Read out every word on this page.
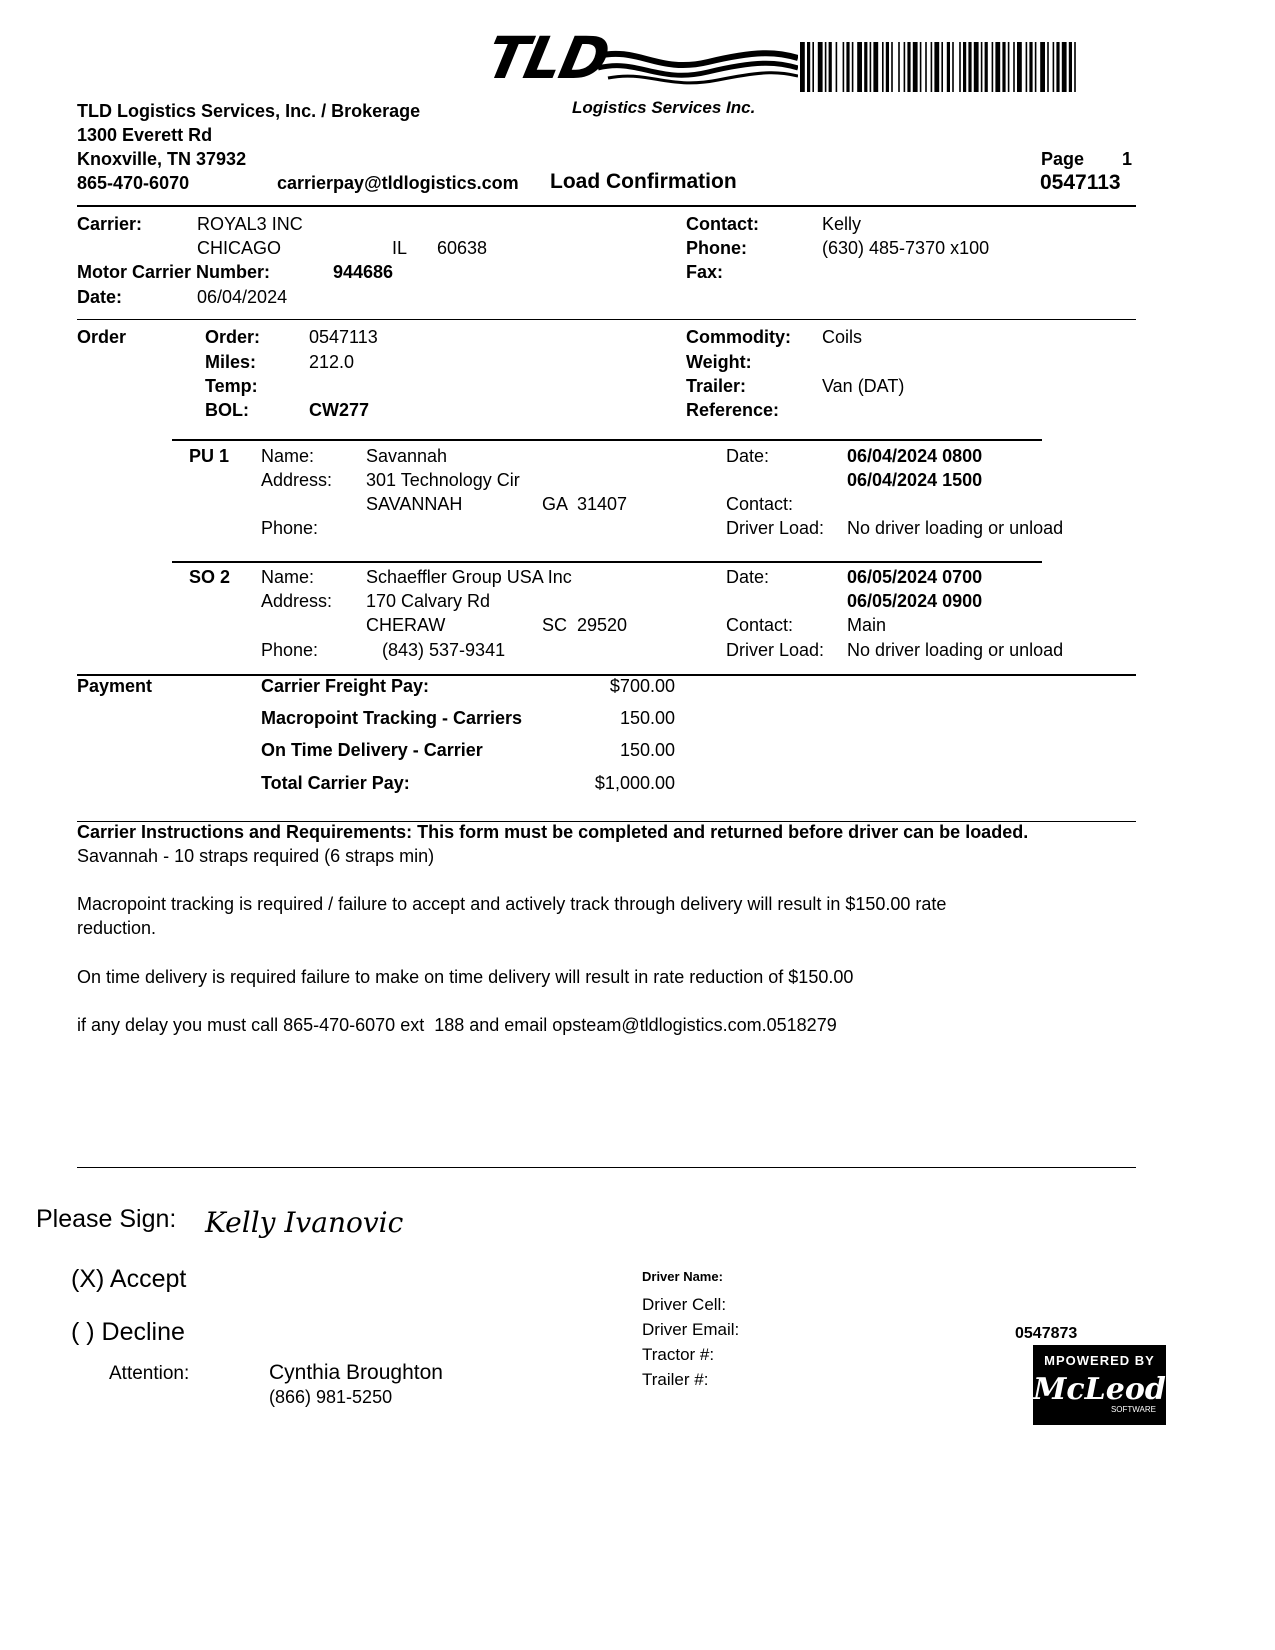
TLD
Logistics Services Inc.
TLD Logistics Services, Inc. / Brokerage
1300 Everett Rd
Knoxville, TN 37932
865-470-6070	carrierpay@tldlogistics.com Load Confirmation
Page 1
0547113
Carrier:	ROYAL3 INC
CHICAGO	IL 60638
Motor Carrier Number:	944686
Date:	06/04/2024
Contact:	Kelly
Phone:	(630) 485-7370 x100
Fax:
Order	Order:	0547113
Miles:	212.0
Temp:
BOL:	CW277
Commodity: Coils
Weight:
Trailer:	Van (DAT)
Reference:
PU 1 Name:	Savannah
Address: 301 Technology Cir
SAVANNAH	GA  31407
Phone:
Date:	06/04/2024 0800
06/04/2024 1500
Contact:
Driver Load: No driver loading or unload
SO 2 Name:	Schaeffler Group USA Inc
Address: 170 Calvary Rd
CHERAW	SC  29520
Phone:	(843) 537-9341
Date:	06/05/2024 0700
06/05/2024 0900
Contact:	Main
Driver Load: No driver loading or unload
Payment	Carrier Freight Pay:	$700.00
Macropoint Tracking - Carriers	150.00
On Time Delivery - Carrier	150.00
Total Carrier Pay:	$1,000.00
Carrier Instructions and Requirements: This form must be completed and returned before driver can be loaded.
Savannah - 10 straps required (6 straps min)
Macropoint tracking is required / failure to accept and actively track through delivery will result in $150.00 rate
reduction.
On time delivery is required failure to make on time delivery will result in rate reduction of $150.00
if any delay you must call 865-470-6070 ext  188 and email opsteam@tldlogistics.com.0518279
Please Sign: Kelly Ivanovic
(X) Accept
( ) Decline
Attention:	Cynthia Broughton
(866) 981-5250
Driver Name:
Driver Cell:
Driver Email:
Tractor #:
Trailer #:
0547873
MPOWERED BY
McLeod
SOFTWARE
